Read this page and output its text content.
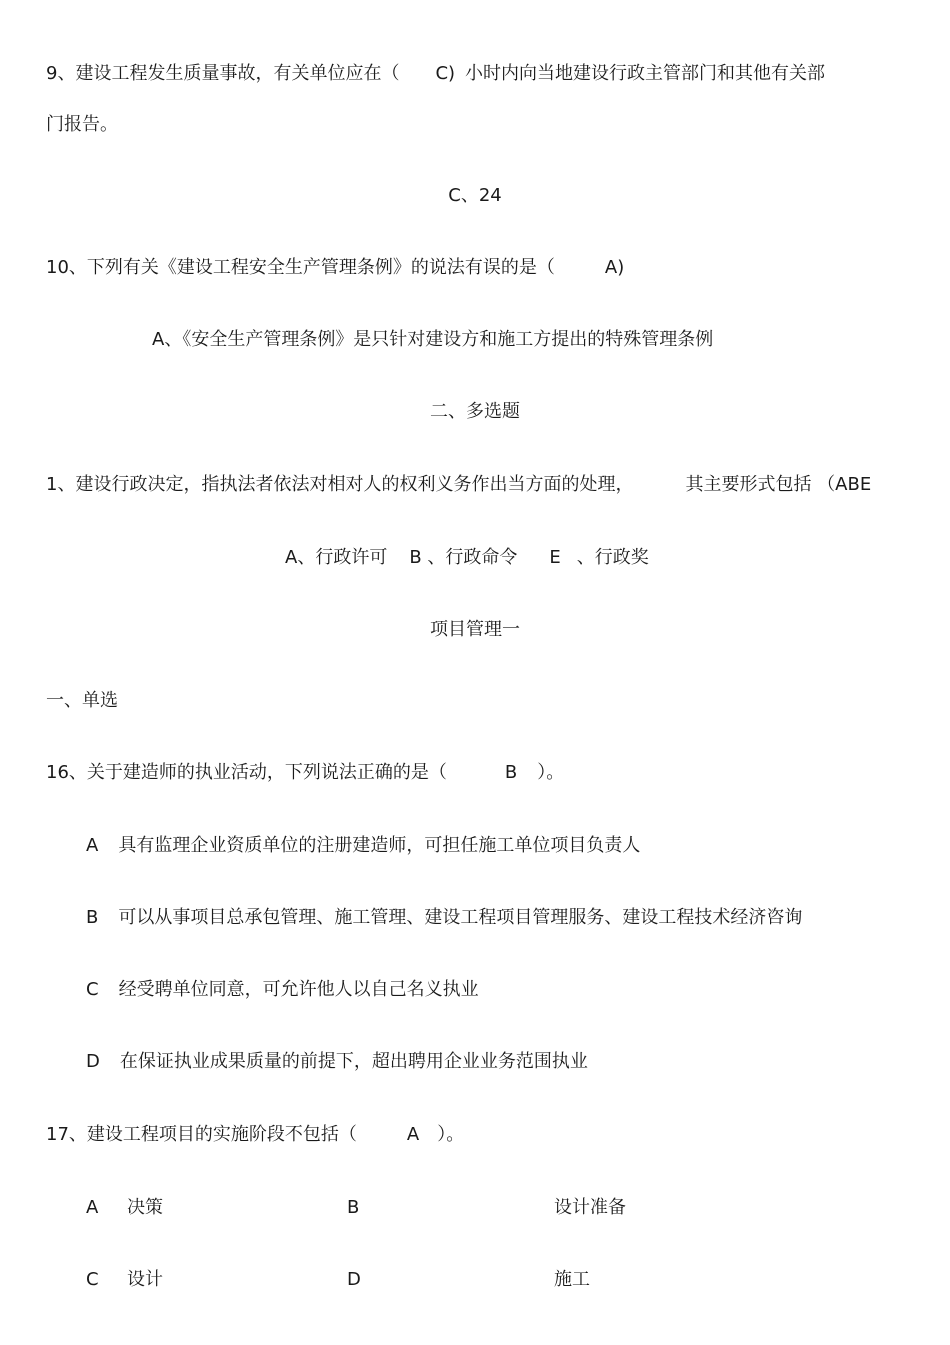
9、建设工程发生质量事故，有关单位应在（ C) 小时内向当地建设行政主管部门和其他有关部
门报告。
C、24
10、下列有关《建设工程安全生产管理条例》的说法有误的是（	A)
A、《安全生产管理条例》是只针对建设方和施工方提出的特殊管理条例
二、多选题
1、建设行政决定，指执法者依法对相对人的权利义务作出当方面的处理，	其主要形式包括 （ABE
A、行政许可 B 、行政命令 E 、行政奖
项目管理一
一、单选
16、关于建造师的执业活动，下列说法正确的是（	B ）。
A 具有监理企业资质单位的注册建造师，可担任施工单位项目负责人
B 可以从事项目总承包管理、施工管理、建设工程项目管理服务、建设工程技术经济咨询
C 经受聘单位同意，可允许他人以自己名义执业
D 在保证执业成果质量的前提下，超出聘用企业业务范围执业
17、建设工程项目的实施阶段不包括（	A ）。
A 决策	B	设计准备
C 设计	D	施工
